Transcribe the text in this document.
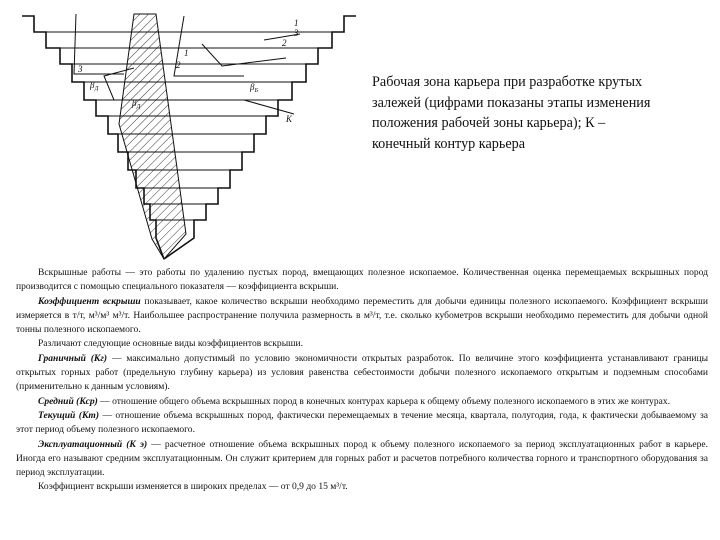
1
3
2
3
1
2
$\beta_Д$
$\beta_Д$
$\beta_Б$
К
Рабочая зона карьера при разработке крутых залежей (цифрами показаны этапы изменения положения рабочей зоны карьера); К – конечный контур карьера

Вскрышные работы — это работы по удалению пустых пород, вмещающих полезное ископаемое. Количественная оценка перемещаемых вскрышных пород производится с помощью специального показателя — коэффициента вскрыши.

Коэффициент вскрыши показывает, какое количество вскрыши необходимо переместить для добычи единицы полезного ископаемого. Коэффициент вскрыши измеряется в т/т, м³/м³ м³/т. Наибольшее распространение получила размерность в м³/т, т.е. сколько кубометров вскрыши необходимо переместить для добычи одной тонны полезного ископаемого.

Различают следующие основные виды коэффициентов вскрыши.

Граничный (Кг) — максимально допустимый по условию экономичности открытых разработок. По величине этого коэффициента устанавливают границы открытых горных работ (предельную глубину карьера) из условия равенства себестоимости добычи полезного ископаемого открытым и подземным способами (применительно к данным условиям).

Средний (Кср) — отношение общего объема вскрышных пород в конечных контурах карьера к общему объему полезного ископаемого в этих же контурах.

Текущий (Кт) — отношение объема вскрышных пород, фактически перемещаемых в течение месяца, квартала, полугодия, года, к фактически добываемому за этот период объему полезного ископаемого.

Эксплуатационный (К э) — расчетное отношение объема вскрышных пород к объему полезного ископаемого за период эксплуатационных работ в карьере. Иногда его называют средним эксплуатационным. Он служит критерием для горных работ и расчетов потребного количества горного и транспортного оборудования за период эксплуатации.

Коэффициент вскрыши изменяется в широких пределах — от 0,9 до 15 м³/т.
